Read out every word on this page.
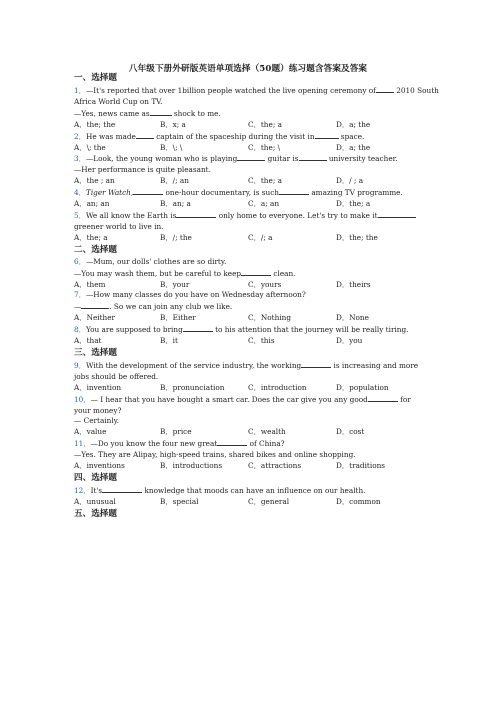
八年级下册外研版英语单项选择（50题）练习题含答案及答案
一、选择题
1．—It's reported that over 1billion people watched the live opening ceremony of 2010 South
Africa World Cup on TV.
—Yes, news came as	shock to me.
A．the; the	B．x; a	C．the; a	D．a; the
2．He was made captain of the spaceship during the visit in	space.
A．\; the	B．\; \	C．the; \	D．a; the
3．—Look, the young woman who is playing	guitar is	university teacher.
—Her performance is quite pleasant.
A．the ; an	B．/; an	C．the; a	D．/ ; a
4．Tiger Watch,	one-hour documentary, is such	amazing TV programme.
A．an; an	B．an; a	C．a; an	D．the; a
5．We all know the Earth is	only home to everyone. Let's try to make it
greener world to live in.
A．the; a	B．/; the	C．/; a	D．the; the
二、选择题
6．—Mum, our dolls' clothes are so dirty.
—You may wash them, but be careful to keep	clean.
A．them	B．your	C．yours	D．theirs
7．—How many classes do you have on Wednesday afternoon?
—	. So we can join any club we like.
A．Neither	B．Either	C．Nothing	D．None
8．You are supposed to bring	to his attention that the journey will be really tiring.
A．that	B．it	C．this	D．you
三、选择题
9．With the development of the service industry, the working	is increasing and more
jobs should be offered.
A．invention	B．pronunciation	C．introduction	D．population
10．— I hear that you have bought a smart car. Does the car give you any good	for
your money?
— Certainly.
A．value	B．price	C．wealth	D．cost
11．—Do you know the four new great	of China?
—Yes. They are Alipay, high-speed trains, shared bikes and online shopping.
A．inventions	B．introductions	C．attractions	D．traditions
四、选择题
12．It's	knowledge that moods can have an influence on our health.
A．unusual	B．special	C．general	D．common
五、选择题
